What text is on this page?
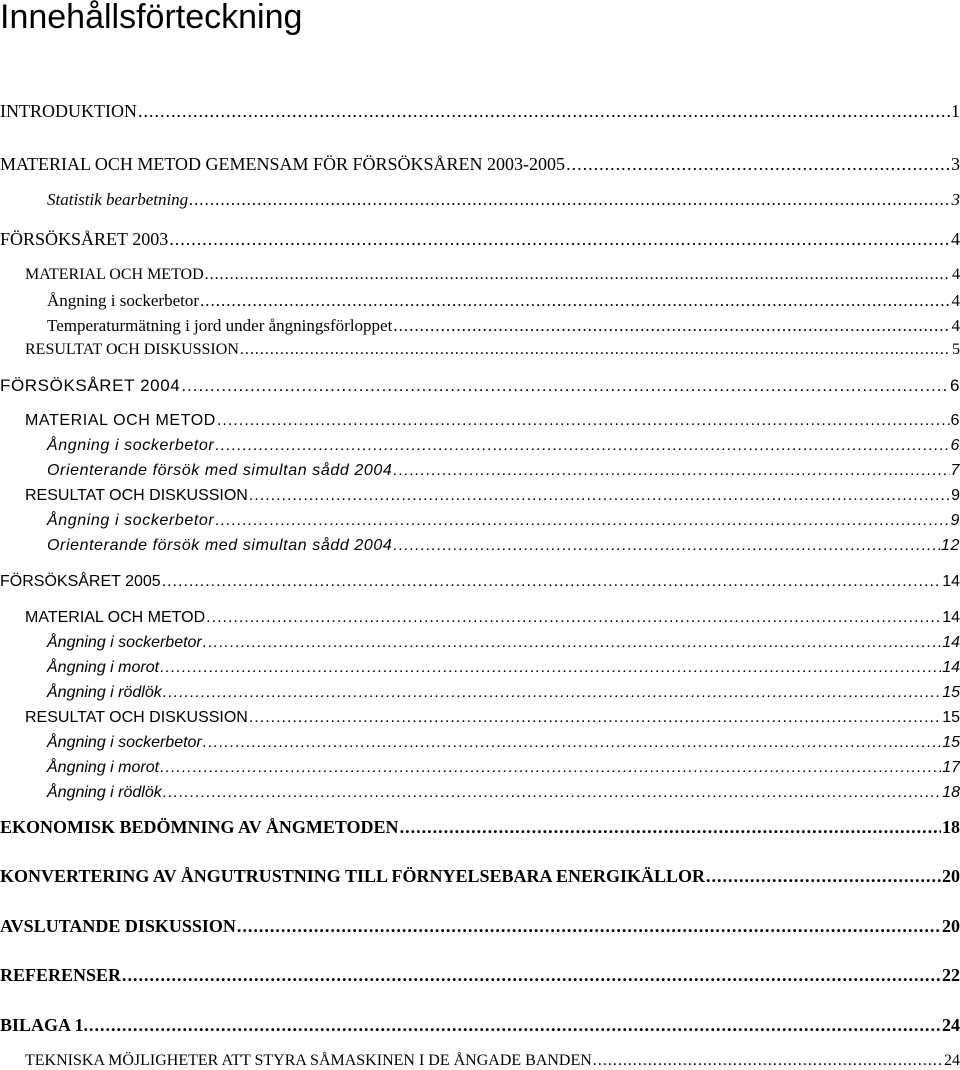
Innehållsförteckning
INTRODUKTION .....	1
MATERIAL OCH METOD GEMENSAM FÖR FÖRSÖKSÅREN 2003-2005 .....	3
Statistik bearbetning .....	3
FÖRSÖKSÅRET 2003 .....	4
MATERIAL OCH METOD .....	4
Ångning i sockerbetor .....	4
Temperaturmätning i jord under ångningsförloppet .....	4
RESULTAT OCH DISKUSSION .....	5
FÖRSÖKSÅRET 2004 .....	6
MATERIAL OCH METOD .....	6
Ångning i sockerbetor .....	6
Orienterande försök med simultan sådd 2004 .....	7
RESULTAT OCH DISKUSSION .....	9
Ångning i sockerbetor .....	9
Orienterande försök med simultan sådd 2004 .....	12
FÖRSÖKSÅRET 2005 .....	14
MATERIAL OCH METOD .....	14
Ångning i sockerbetor .....	14
Ångning i morot .....	14
Ångning i rödlök .....	15
RESULTAT OCH DISKUSSION .....	15
Ångning i sockerbetor .....	15
Ångning i morot .....	17
Ångning i rödlök .....	18
EKONOMISK BEDÖMNING AV ÅNGMETODEN .....	18
KONVERTERING AV ÅNGUTRUSTNING TILL FÖRNYELSEBARA ENERGIKÄLLOR .....	20
AVSLUTANDE DISKUSSION .....	20
REFERENSER .....	22
BILAGA 1. .....	24
TEKNISKA MÖJLIGHETER ATT STYRA SÅMASKINEN I DE ÅNGADE BANDEN .....	24
